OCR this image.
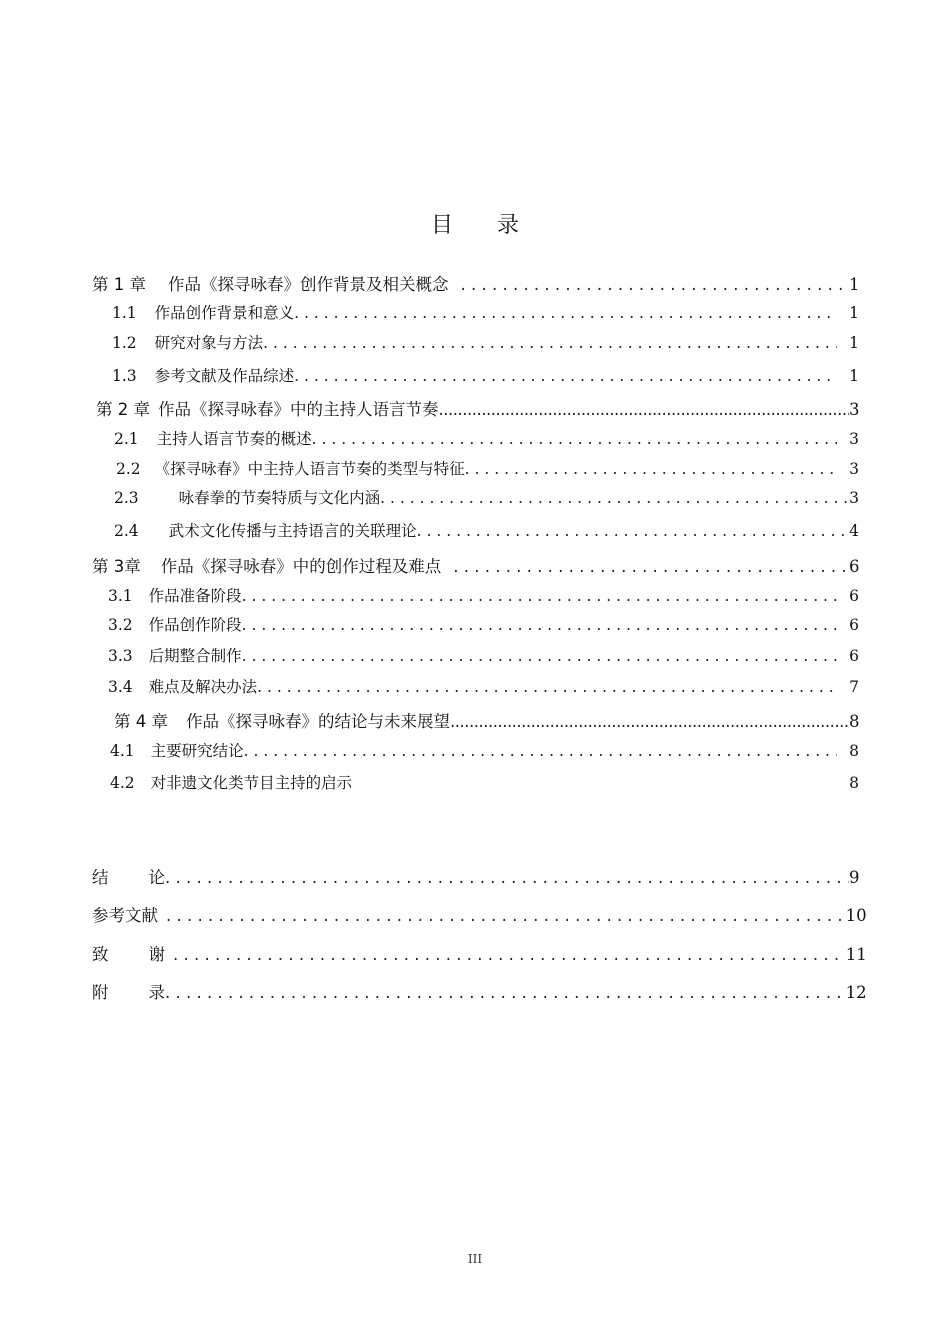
目 录
第 1 章 作品《探寻咏春》创作背景及相关概念 . . .	1
1.1 作品创作背景和意义 . . .	1
1.2 研究对象与方法 . . .	1
1.3 参考文献及作品综述 . . .	1
第 2 章 作品《探寻咏春》中的主持人语言节奏 .....	3
2.1 主持人语言节奏的概述 . . .	3
2.2 《探寻咏春》中主持人语言节奏的类型与特征 . . .	3
2.3	咏春拳的节奏特质与文化内涵 . . .	3
2.4 武术文化传播与主持语言的关联理论 . . .	4
第 3章 作品《探寻咏春》中的创作过程及难点 . . .	6
3.1 作品准备阶段 . . .	6
3.2 作品创作阶段 . . .	6
3.3 后期整合制作 . . .	6
3.4 难点及解决办法 . . .	7
第 4 章 作品《探寻咏春》的结论与未来展望 .....	8
4.1 主要研究结论 . . .	8
4.2 对非遗文化类节目主持的启示	8
结 论 . . .	9
参考文献 . . .	10
致 谢 . . .	11
附 录 . . .	12
III
